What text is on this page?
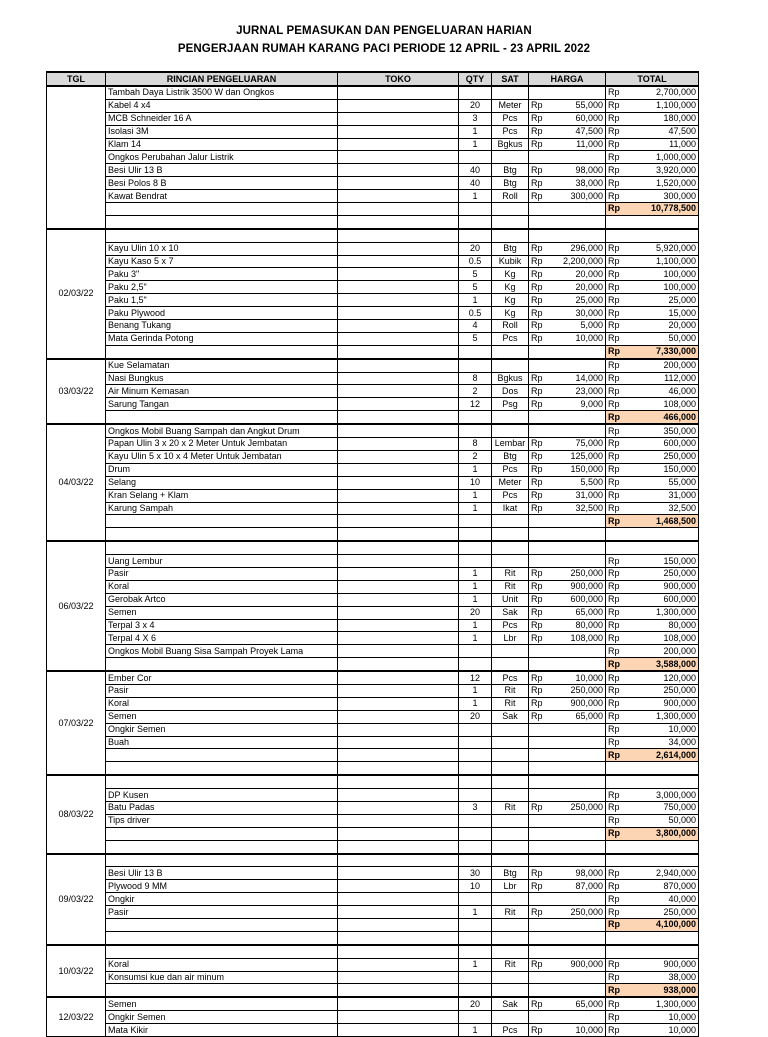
JURNAL PEMASUKAN DAN PENGELUARAN HARIAN
PENGERJAAN RUMAH KARANG PACI PERIODE 12 APRIL - 23 APRIL 2022
TGL	RINCIAN PENGELUARAN	TOKO	QTY	SAT	HARGA		TOTAL	
	Tambah Daya Listrik 3500 W dan Ongkos						Rp	2,700,000
	Kabel 4 x4		20	Meter	Rp	55,000	Rp	1,100,000
	MCB Schneider 16 A		3	Pcs	Rp	60,000	Rp	180,000
	Isolasi 3M		1	Pcs	Rp	47,500	Rp	47,500
	Klam 14		1	Bgkus	Rp	11,000	Rp	11,000
	Ongkos Perubahan Jalur Listrik						Rp	1,000,000
	Besi Ulir 13 B		40	Btg	Rp	98,000	Rp	3,920,000
	Besi Polos 8 B		40	Btg	Rp	38,000	Rp	1,520,000
	Kawat Bendrat		1	Roll	Rp	300,000	Rp	300,000
							Rp	10,778,500

02/03/22								
	Kayu Ulin 10 x 10		20	Btg	Rp	296,000	Rp	5,920,000
	Kayu Kaso 5 x 7		0.5	Kubik	Rp	2,200,000	Rp	1,100,000
	Paku 3"		5	Kg	Rp	20,000	Rp	100,000
	Paku 2,5"		5	Kg	Rp	20,000	Rp	100,000
	Paku 1,5"		1	Kg	Rp	25,000	Rp	25,000
	Paku Plywood		0.5	Kg	Rp	30,000	Rp	15,000
	Benang Tukang		4	Roll	Rp	5,000	Rp	20,000
	Mata Gerinda Potong		5	Pcs	Rp	10,000	Rp	50,000
							Rp	7,330,000
03/03/22	Kue Selamatan						Rp	200,000
	Nasi Bungkus		8	Bgkus	Rp	14,000	Rp	112,000
	Air Minum Kemasan		2	Dos	Rp	23,000	Rp	46,000
	Sarung Tangan		12	Psg	Rp	9,000	Rp	108,000
							Rp	466,000
04/03/22	Ongkos Mobil Buang Sampah dan Angkut Drum						Rp	350,000
	Papan Ulin 3 x 20 x 2 Meter Untuk Jembatan		8	Lembar	Rp	75,000	Rp	600,000
	Kayu Ulin 5 x 10 x 4 Meter Untuk Jembatan		2	Btg	Rp	125,000	Rp	250,000
	Drum		1	Pcs	Rp	150,000	Rp	150,000
	Selang		10	Meter	Rp	5,500	Rp	55,000
	Kran Selang + Klam		1	Pcs	Rp	31,000	Rp	31,000
	Karung Sampah		1	Ikat	Rp	32,500	Rp	32,500
							Rp	1,468,500

06/03/22								
	Uang Lembur						Rp	150,000
	Pasir		1	Rit	Rp	250,000	Rp	250,000
	Koral		1	Rit	Rp	900,000	Rp	900,000
	Gerobak Artco		1	Unit	Rp	600,000	Rp	600,000
	Semen		20	Sak	Rp	65,000	Rp	1,300,000
	Terpal 3 x 4		1	Pcs	Rp	80,000	Rp	80,000
	Terpal 4 X 6		1	Lbr	Rp	108,000	Rp	108,000
	Ongkos Mobil Buang Sisa Sampah Proyek Lama						Rp	200,000
							Rp	3,588,000
07/03/22	Ember Cor		12	Pcs	Rp	10,000	Rp	120,000
	Pasir		1	Rit	Rp	250,000	Rp	250,000
	Koral		1	Rit	Rp	900,000	Rp	900,000
	Semen		20	Sak	Rp	65,000	Rp	1,300,000
	Ongkir Semen						Rp	10,000
	Buah						Rp	34,000
							Rp	2,614,000

08/03/22								
	DP Kusen						Rp	3,000,000
	Batu Padas		3	Rit	Rp	250,000	Rp	750,000
	Tips driver						Rp	50,000
							Rp	3,800,000

09/03/22								
	Besi Ulir 13 B		30	Btg	Rp	98,000	Rp	2,940,000
	Plywood 9 MM		10	Lbr	Rp	87,000	Rp	870,000
	Ongkir						Rp	40,000
	Pasir		1	Rit	Rp	250,000	Rp	250,000
							Rp	4,100,000

10/03/22								
	Koral		1	Rit	Rp	900,000	Rp	900,000
	Konsumsi kue dan air minum						Rp	38,000
							Rp	938,000
12/03/22	Semen		20	Sak	Rp	65,000	Rp	1,300,000
	Ongkir Semen						Rp	10,000
	Mata Kikir		1	Pcs	Rp	10,000	Rp	10,000
